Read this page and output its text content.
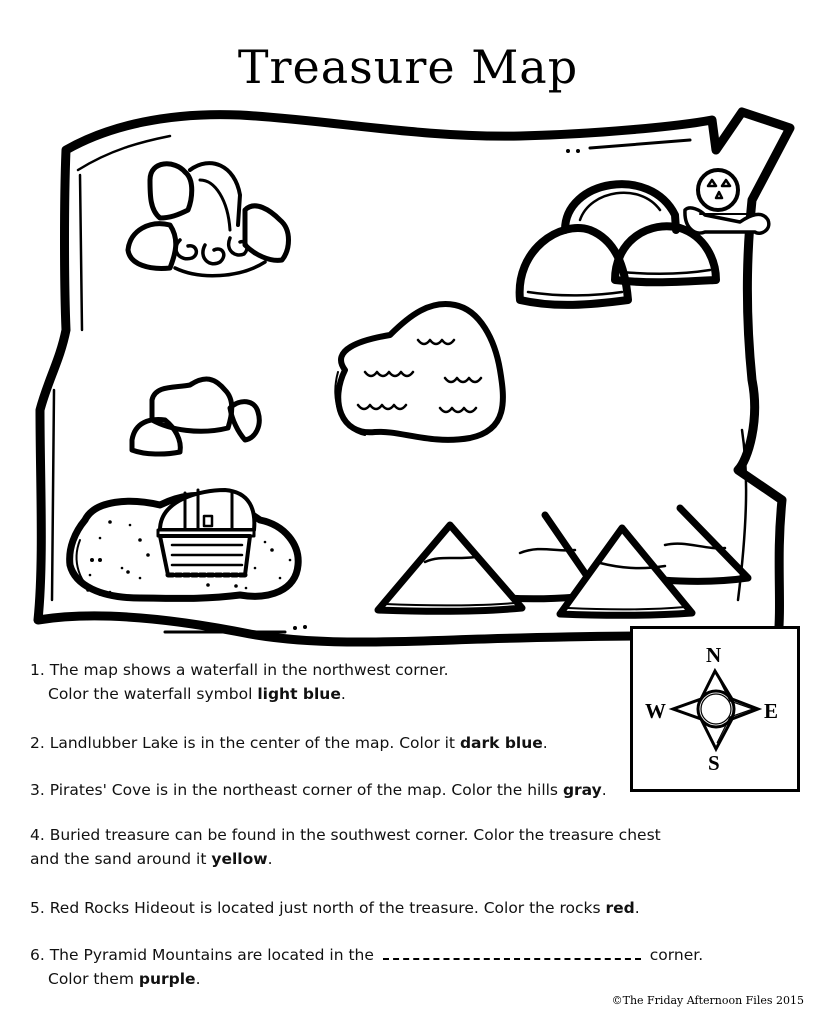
Treasure Map
N
S
W	E
1. The map shows a waterfall in the northwest corner.
Color the waterfall symbol light blue.
2. Landlubber Lake is in the center of the map. Color it dark blue.
3. Pirates' Cove is in the northeast corner of the map. Color the hills gray.
4. Buried treasure can be found in the southwest corner. Color the treasure chest
and the sand around it yellow.
5. Red Rocks Hideout is located just north of the treasure. Color the rocks red.
6. The Pyramid Mountains are located in the	corner.
Color them purple.
©The Friday Afternoon Files 2015
